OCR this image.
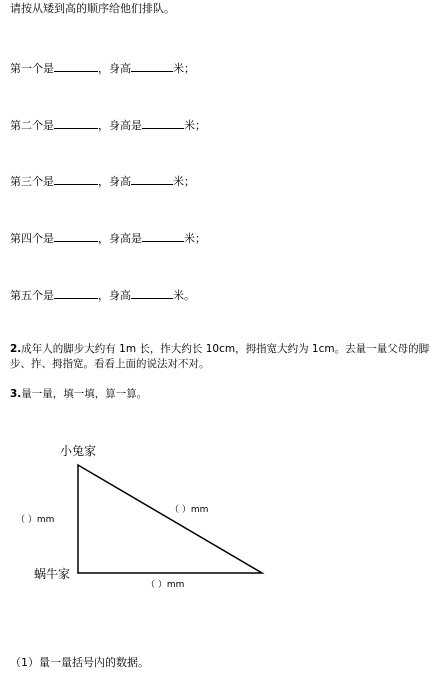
请按从矮到高的顺序给他们排队。
第一个是	，身高	米；
第二个是	，身高是	米；
第三个是	，身高	米；
第四个是	，身高是	米；
第五个是	，身高	米。
2.成年人的脚步大约有 1m 长，拃大约长 10cm，拇指宽大约为 1cm。去量一量父母的脚步、拃、拇指宽。看看上面的说法对不对。
3.量一量，填一填，算一算。
小兔家
蜗牛家
（ ）mm
（ ）mm
（ ）mm
（1）量一量括号内的数据。
